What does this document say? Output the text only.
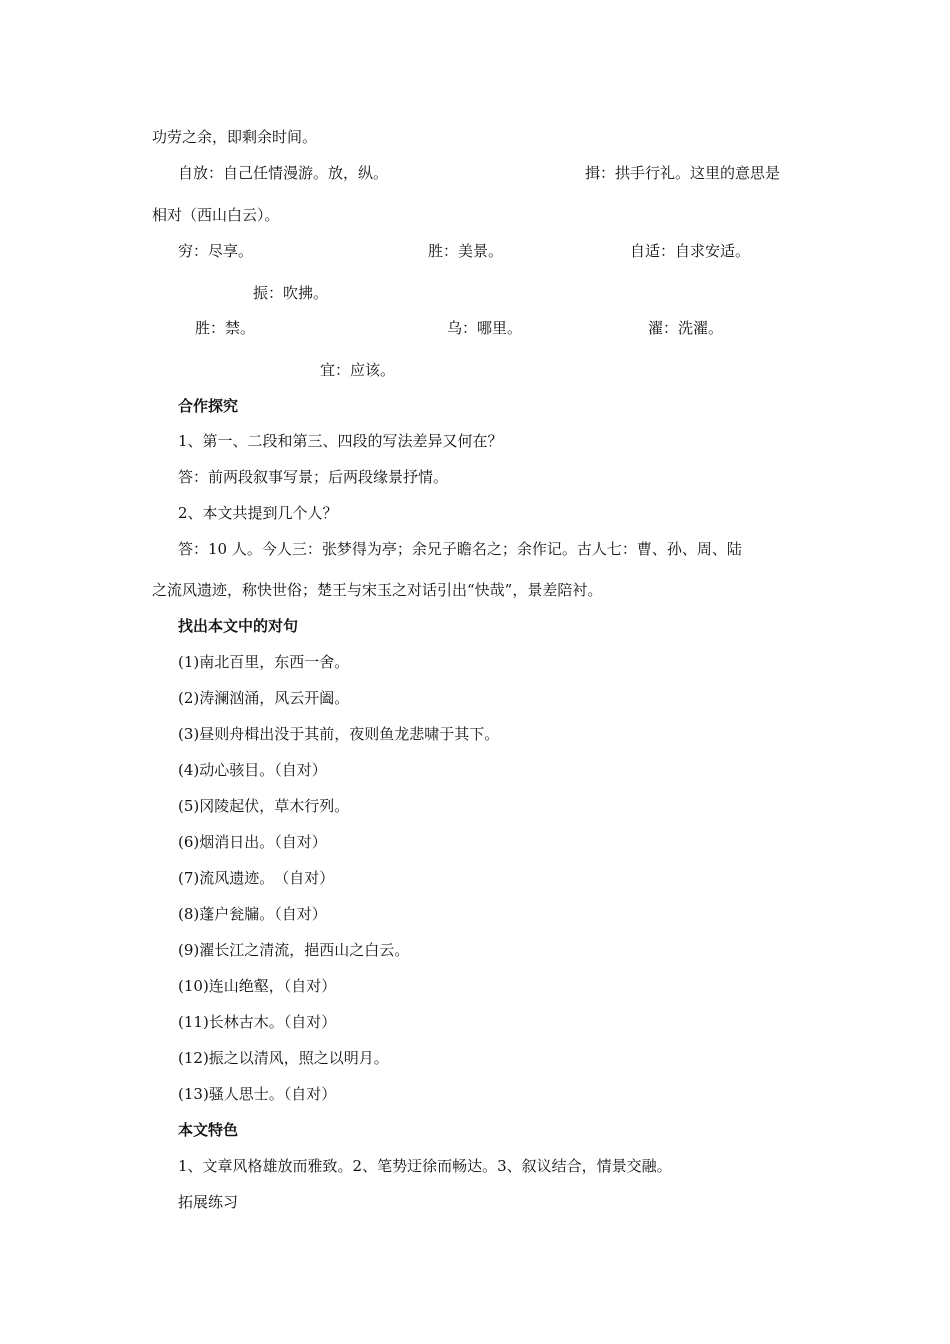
功劳之余，即剩余时间。
自放：自己任情漫游。放，纵。	揖：拱手行礼。这里的意思是
相对（西山白云）。
穷：尽享。	胜：美景。	自适：自求安适。
振：吹拂。
胜：禁。	乌：哪里。	濯：洗濯。
宜：应该。
合作探究
1、第一、二段和第三、四段的写法差异又何在？
答：前两段叙事写景；后两段缘景抒情。
2、本文共提到几个人？
答：10 人。今人三：张梦得为亭；余兄子瞻名之；余作记。古人七：曹、孙、周、陆
之流风遗迹，称快世俗；楚王与宋玉之对话引出“快哉”，景差陪衬。
找出本文中的对句
(1)南北百里，东西一舍。
(2)涛澜汹涌，风云开阖。
(3)昼则舟楫出没于其前，夜则鱼龙悲啸于其下。
(4)动心骇目。（自对）
(5)冈陵起伏，草木行列。
(6)烟消日出。（自对）
(7)流风遗迹。　（自对）
(8)蓬户瓮牖。（自对）
(9)濯长江之清流，挹西山之白云。
(10)连山绝壑，（自对）
(11)长林古木。（自对）
(12)振之以清风，照之以明月。
(13)骚人思士。（自对）
本文特色
1、文章风格雄放而雅致。2、笔势迂徐而畅达。3、叙议结合，情景交融。
拓展练习
